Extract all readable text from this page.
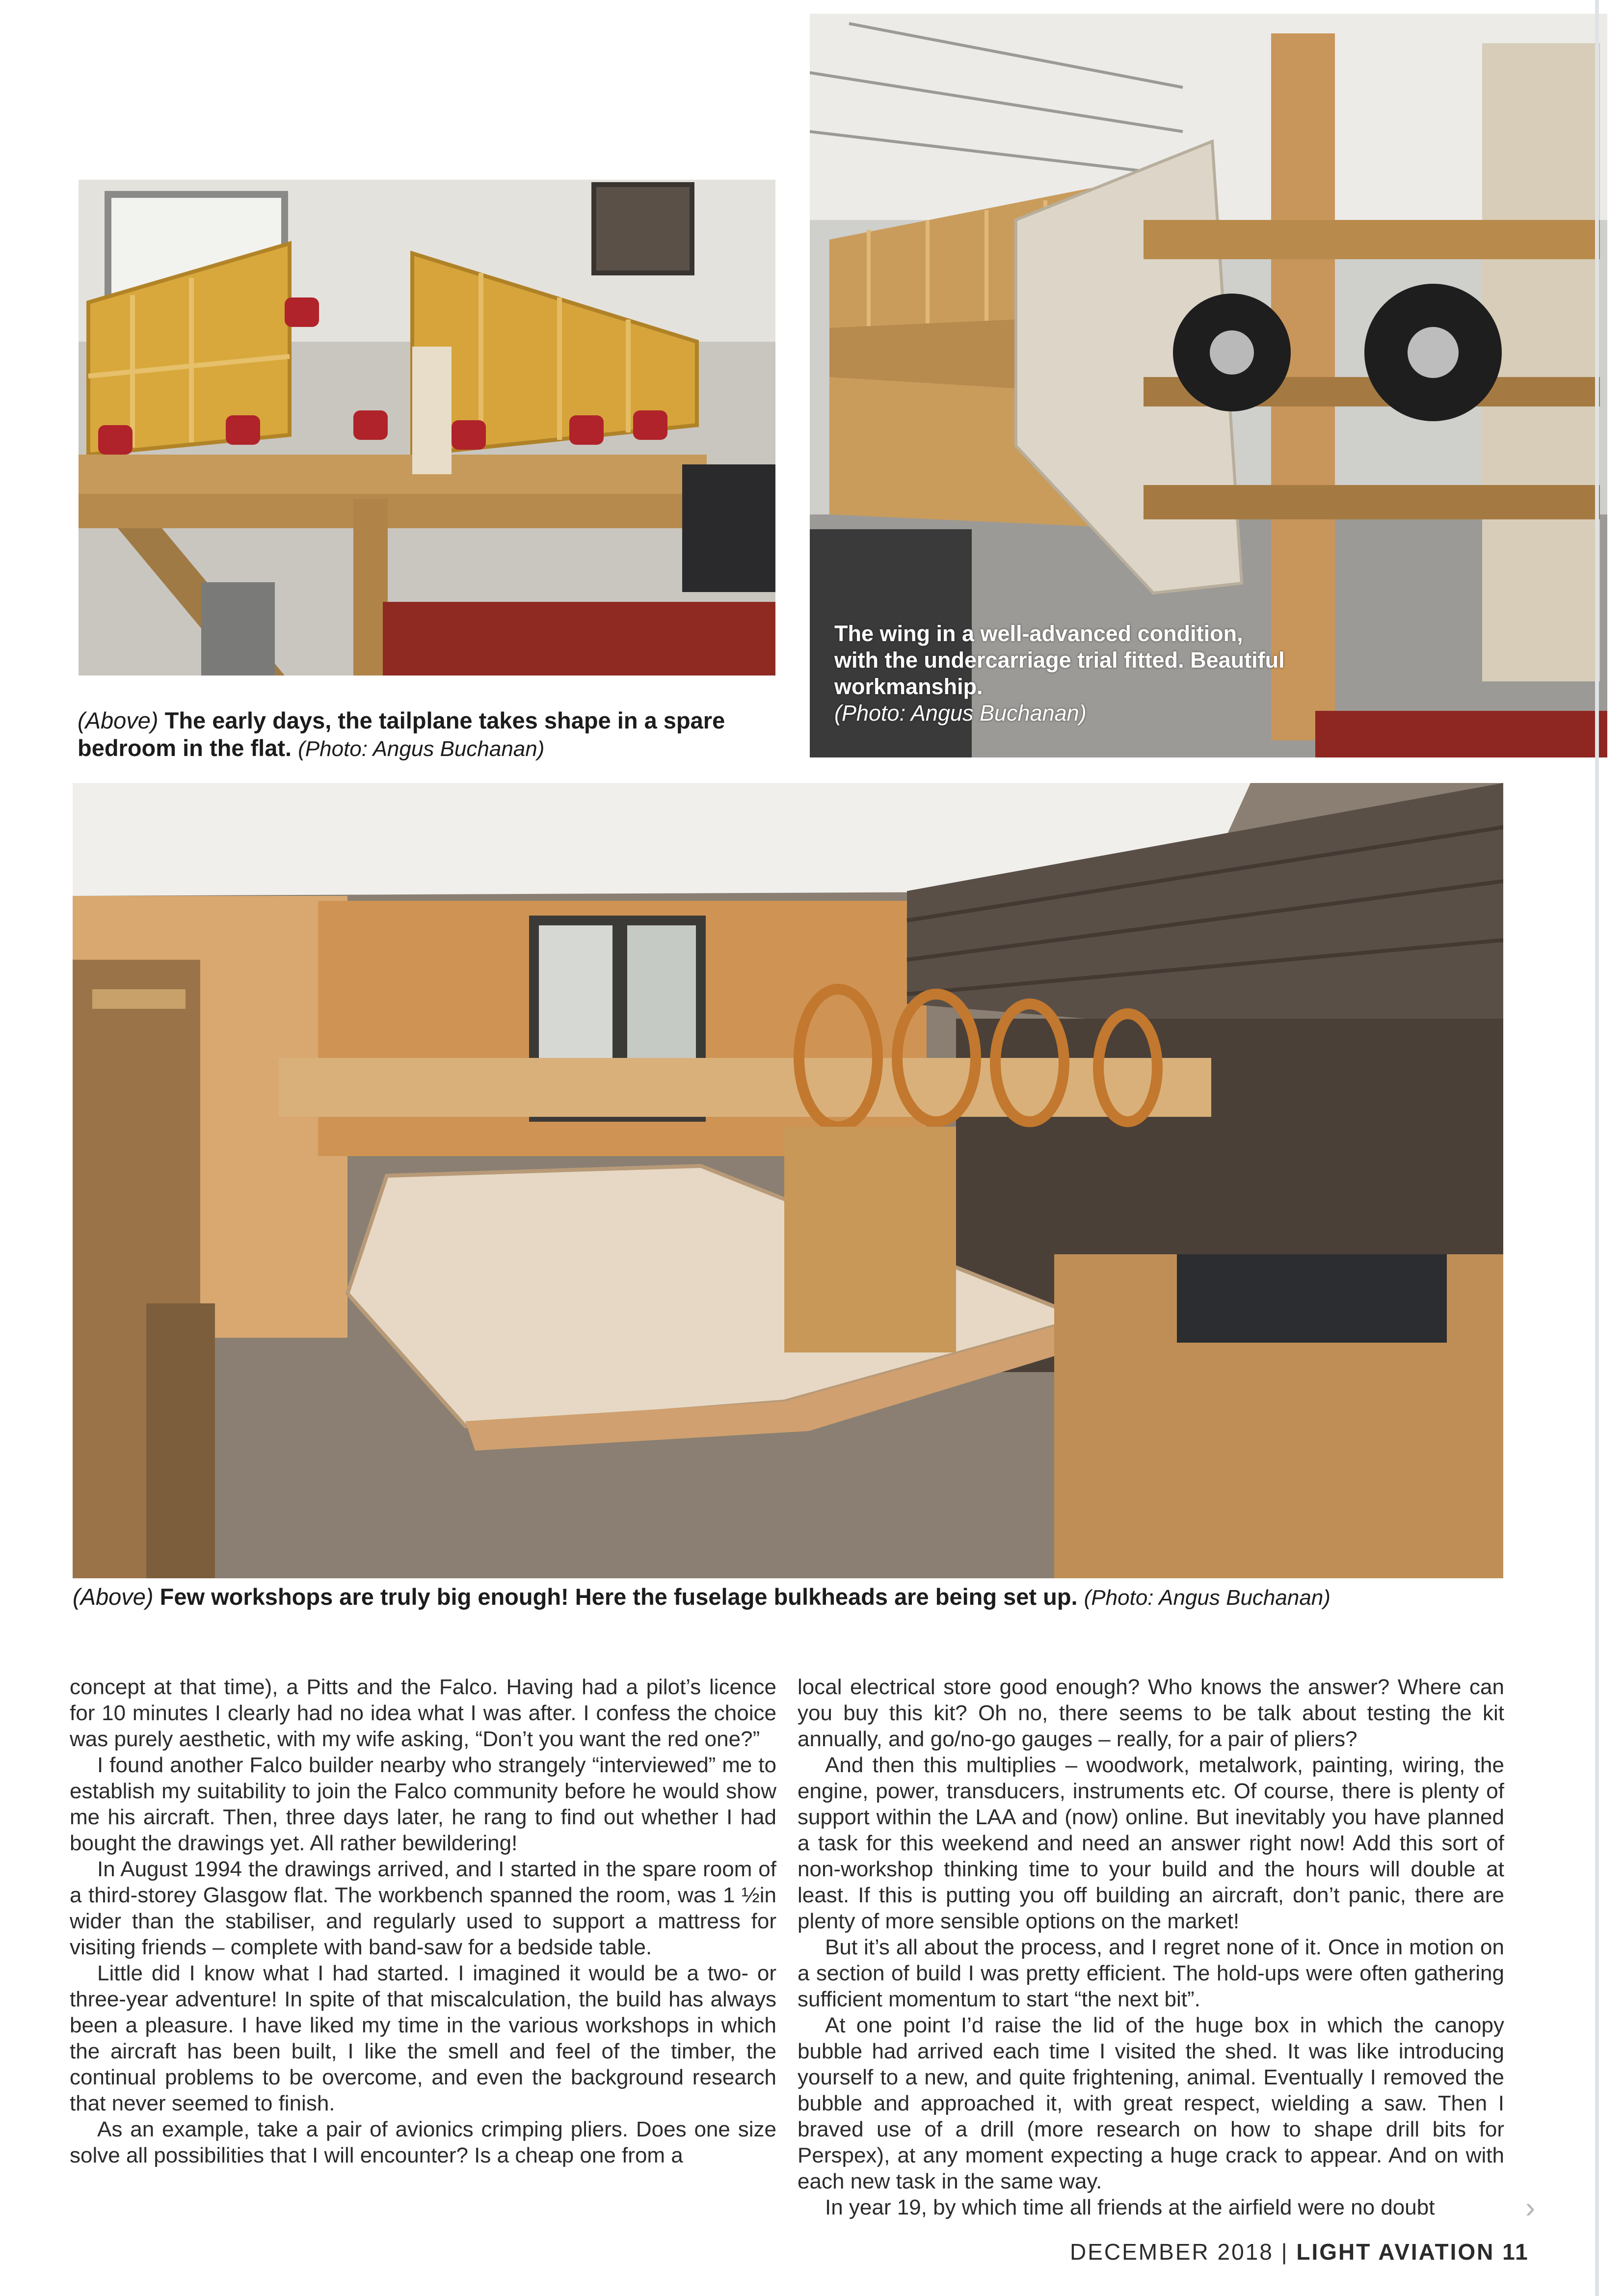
The wing in a well-advanced condition, with the undercarriage trial fitted. Beautiful workmanship.
(Photo: Angus Buchanan)
(Above) The early days, the tailplane takes shape in a spare bedroom in the flat. (Photo: Angus Buchanan)
(Above) Few workshops are truly big enough! Here the fuselage bulkheads are being set up. (Photo: Angus Buchanan)

concept at that time), a Pitts and the Falco. Having had a pilot’s licence for 10 minutes I clearly had no idea what I was after. I confess the choice was purely aesthetic, with my wife asking, “Don’t you want the red one?”

I found another Falco builder nearby who strangely “interviewed” me to establish my suitability to join the Falco community before he would show me his aircraft. Then, three days later, he rang to find out whether I had bought the drawings yet. All rather bewildering!

In August 1994 the drawings arrived, and I started in the spare room of a third-storey Glasgow flat. The workbench spanned the room, was 1 ½in wider than the stabiliser, and regularly used to support a mattress for visiting friends – complete with band-saw for a bedside table.

Little did I know what I had started. I imagined it would be a two- or three-year adventure! In spite of that miscalculation, the build has always been a pleasure. I have liked my time in the various workshops in which the aircraft has been built, I like the smell and feel of the timber, the continual problems to be overcome, and even the background research that never seemed to finish.

As an example, take a pair of avionics crimping pliers. Does one size solve all possibilities that I will encounter? Is a cheap one from a

local electrical store good enough? Who knows the answer? Where can you buy this kit? Oh no, there seems to be talk about testing the kit annually, and go/no-go gauges – really, for a pair of pliers?

And then this multiplies – woodwork, metalwork, painting, wiring, the engine, power, transducers, instruments etc. Of course, there is plenty of support within the LAA and (now) online. But inevitably you have planned a task for this weekend and need an answer right now! Add this sort of non-workshop thinking time to your build and the hours will double at least. If this is putting you off building an aircraft, don’t panic, there are plenty of more sensible options on the market!

But it’s all about the process, and I regret none of it. Once in motion on a section of build I was pretty efficient. The hold-ups were often gathering sufficient momentum to start “the next bit”.

At one point I’d raise the lid of the huge box in which the canopy bubble had arrived each time I visited the shed. It was like introducing yourself to a new, and quite frightening, animal. Eventually I removed the bubble and approached it, with great respect, wielding a saw. Then I braved use of a drill (more research on how to shape drill bits for Perspex), at any moment expecting a huge crack to appear. And on with each new task in the same way.

In year 19, by which time all friends at the airfield were no doubt	›
DECEMBER 2018 | LIGHT AVIATION 11
